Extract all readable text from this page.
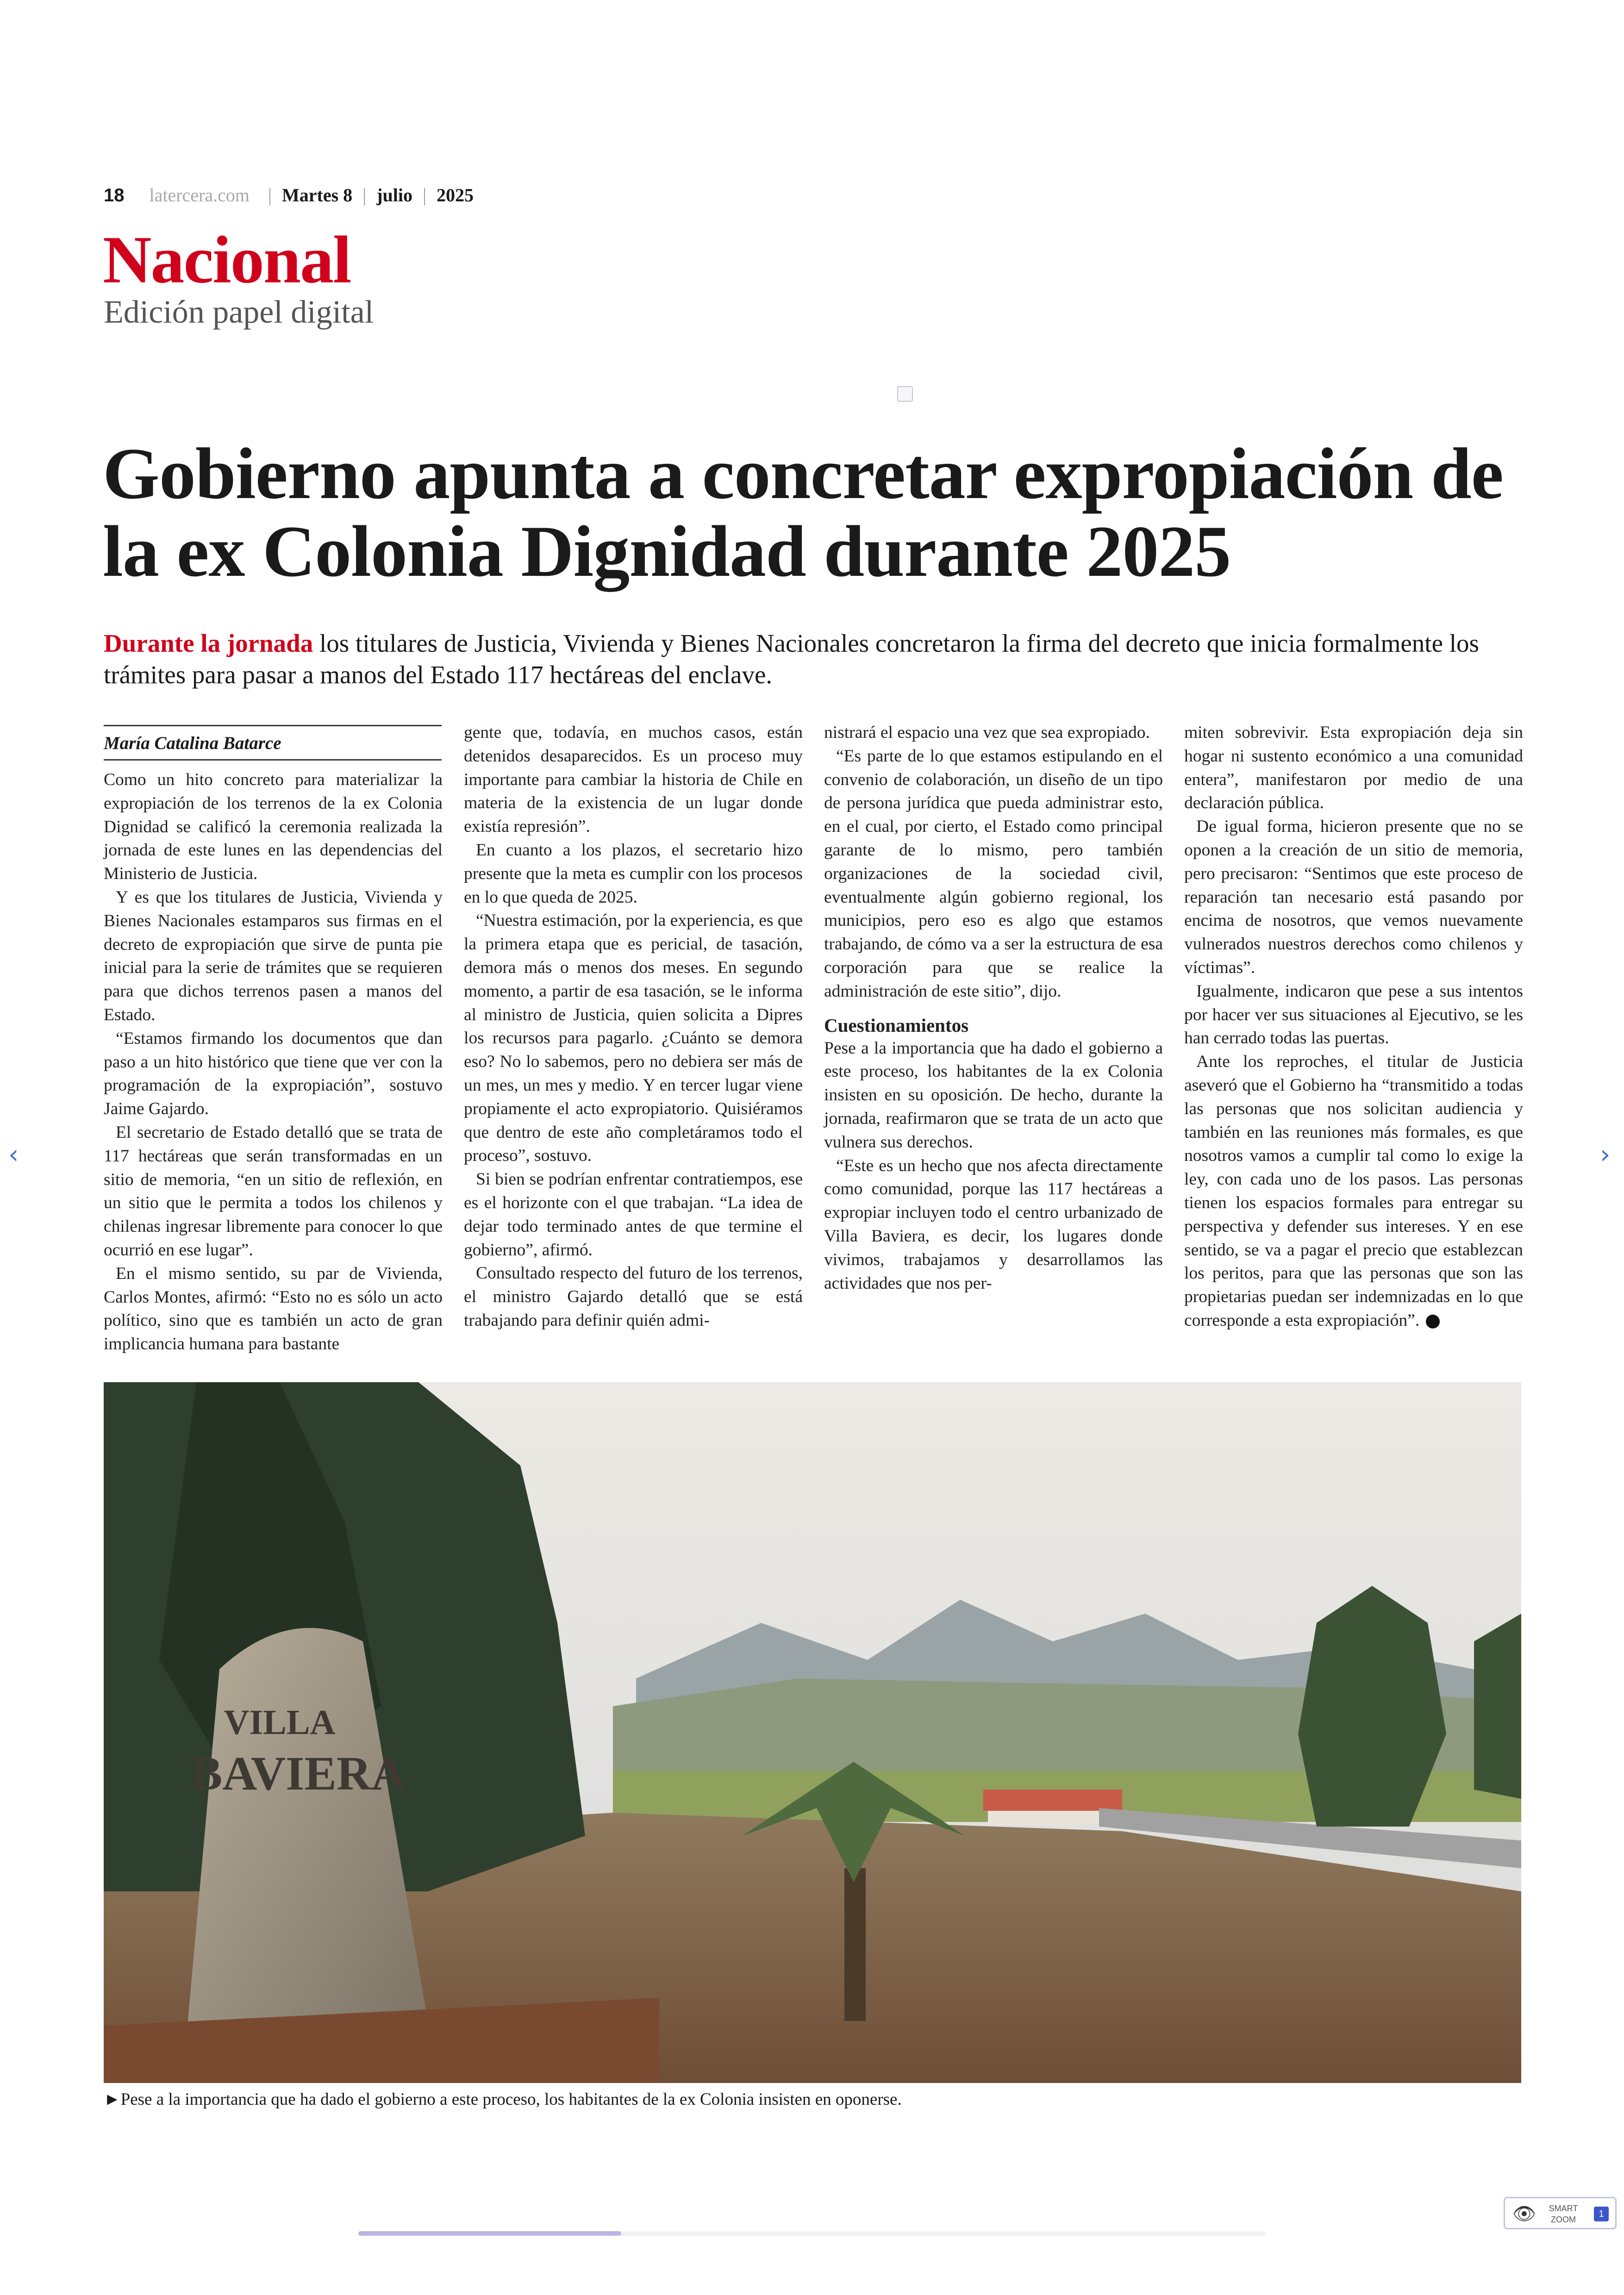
18 latercera.com | Martes 8 | julio | 2025
Nacional
Edición papel digital
Gobierno apunta a concretar expropiación de la ex Colonia Dignidad durante 2025

Durante la jornada los titulares de Justicia, Vivienda y Bienes Nacionales concretaron la firma del decreto que inicia formalmente los trámites para pasar a manos del Estado 117 hectáreas del enclave.

María Catalina Batarce

Como un hito concreto para materializar la expropiación de los terrenos de la ex Colonia Dignidad se calificó la ceremonia realizada la jornada de este lunes en las dependencias del Ministerio de Justicia.

Y es que los titulares de Justicia, Vivienda y Bienes Nacionales estamparos sus firmas en el decreto de expropiación que sirve de punta pie inicial para la serie de trámites que se requieren para que dichos terrenos pasen a manos del Estado.

“Estamos firmando los documentos que dan paso a un hito histórico que tiene que ver con la programación de la expropiación”, sostuvo Jaime Gajardo.

El secretario de Estado detalló que se trata de 117 hectáreas que serán transformadas en un sitio de memoria, “en un sitio de reflexión, en un sitio que le permita a todos los chilenos y chilenas ingresar libremente para conocer lo que ocurrió en ese lugar”.

En el mismo sentido, su par de Vivienda, Carlos Montes, afirmó: “Esto no es sólo un acto político, sino que es también un acto de gran implicancia humana para bastante

gente que, todavía, en muchos casos, están detenidos desaparecidos. Es un proceso muy importante para cambiar la historia de Chile en materia de la existencia de un lugar donde existía represión”.

En cuanto a los plazos, el secretario hizo presente que la meta es cumplir con los procesos en lo que queda de 2025.

“Nuestra estimación, por la experiencia, es que la primera etapa que es pericial, de tasación, demora más o menos dos meses. En segundo momento, a partir de esa tasación, se le informa al ministro de Justicia, quien solicita a Dipres los recursos para pagarlo. ¿Cuánto se demora eso? No lo sabemos, pero no debiera ser más de un mes, un mes y medio. Y en tercer lugar viene propiamente el acto expropiatorio. Quisiéramos que dentro de este año completáramos todo el proceso”, sostuvo.

Si bien se podrían enfrentar contratiempos, ese es el horizonte con el que trabajan. “La idea de dejar todo terminado antes de que termine el gobierno”, afirmó.

Consultado respecto del futuro de los terrenos, el ministro Gajardo detalló que se está trabajando para definir quién admi-

nistrará el espacio una vez que sea expropiado.

“Es parte de lo que estamos estipulando en el convenio de colaboración, un diseño de un tipo de persona jurídica que pueda administrar esto, en el cual, por cierto, el Estado como principal garante de lo mismo, pero también organizaciones de la sociedad civil, eventualmente algún gobierno regional, los municipios, pero eso es algo que estamos trabajando, de cómo va a ser la estructura de esa corporación para que se realice la administración de este sitio”, dijo.

Cuestionamientos

Pese a la importancia que ha dado el gobierno a este proceso, los habitantes de la ex Colonia insisten en su oposición. De hecho, durante la jornada, reafirmaron que se trata de un acto que vulnera sus derechos.

“Este es un hecho que nos afecta directamente como comunidad, porque las 117 hectáreas a expropiar incluyen todo el centro urbanizado de Villa Baviera, es decir, los lugares donde vivimos, trabajamos y desarrollamos las actividades que nos per-

miten sobrevivir. Esta expropiación deja sin hogar ni sustento económico a una comunidad entera”, manifestaron por medio de una declaración pública.

De igual forma, hicieron presente que no se oponen a la creación de un sitio de memoria, pero precisaron: “Sentimos que este proceso de reparación tan necesario está pasando por encima de nosotros, que vemos nuevamente vulnerados nuestros derechos como chilenos y víctimas”.

Igualmente, indicaron que pese a sus intentos por hacer ver sus situaciones al Ejecutivo, se les han cerrado todas las puertas.

Ante los reproches, el titular de Justicia aseveró que el Gobierno ha “transmitido a todas las personas que nos solicitan audiencia y también en las reuniones más formales, es que nosotros vamos a cumplir tal como lo exige la ley, con cada uno de los pasos. Las personas tienen los espacios formales para entregar su perspectiva y defender sus intereses. Y en ese sentido, se va a pagar el precio que establezcan los peritos, para que las personas que son las propietarias puedan ser indemnizadas en lo que corresponde a esta expropiación”.

VILLA
BAVIERA
►Pese a la importancia que ha dado el gobierno a este proceso, los habitantes de la ex Colonia insisten en oponerse.
‹	›
👁	SMART ZOOM
1
